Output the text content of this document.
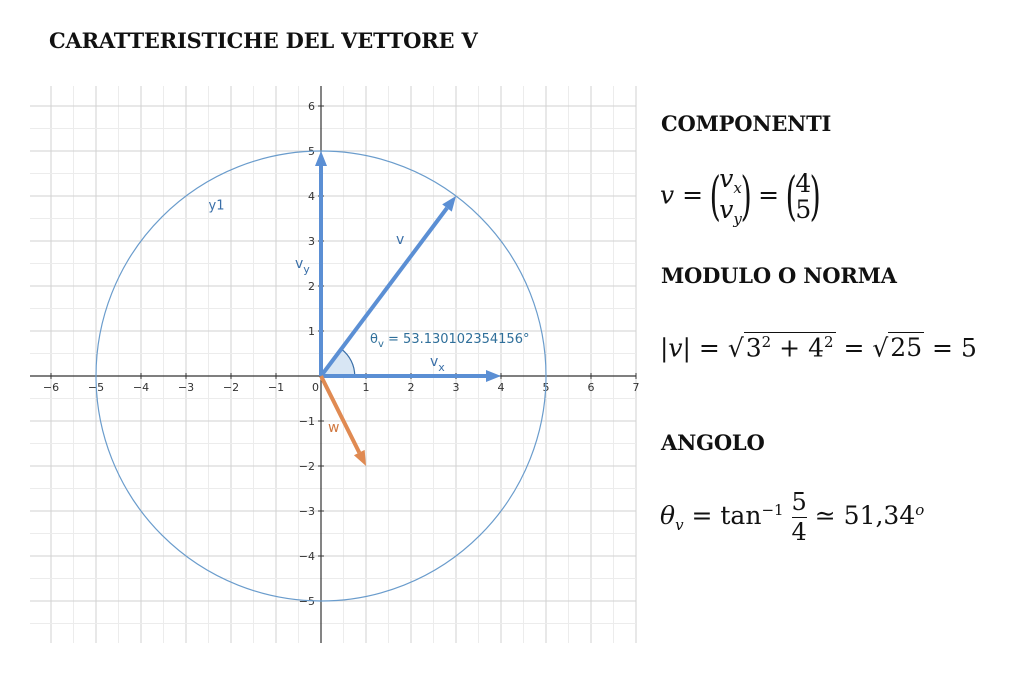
CARATTERISTICHE DEL VETTORE V
−6	−5	−4	−3	−2	−1	0	1	2	3	4	5	6	7
1
2
3
4
5
6
−1
−2
−3
−4
−5
y1
v
$v_y$
$v_x$
w
$\theta_v = 53.130102354156^\circ$
COMPONENTI
v = (
$v_x$
$v_y$
) = (
4
5
)
MODULO O NORMA
$|v| = √3^2 + 4^2 = √25 = 5$
ANGOLO
$\theta_v = \tan^{-1} \frac{5}{4}$ ≃ 51,34$^o$
